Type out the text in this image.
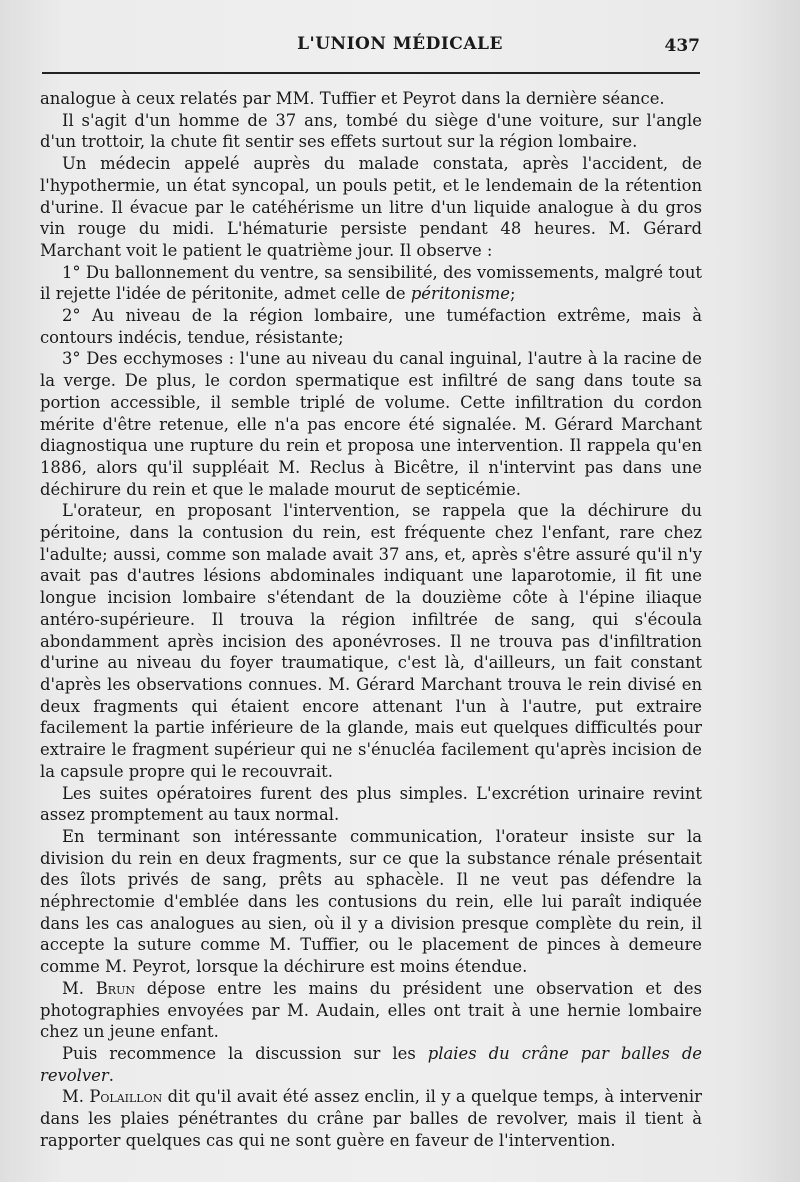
L'UNION MÉDICALE	437

analogue à ceux relatés par MM. Tuffier et Peyrot dans la dernière séance.

Il s'agit d'un homme de 37 ans, tombé du siège d'une voiture, sur l'angle d'un trottoir, la chute fit sentir ses effets surtout sur la région lombaire.

Un médecin appelé auprès du malade constata, après l'accident, de l'hypothermie, un état syncopal, un pouls petit, et le lendemain de la rétention d'urine. Il évacue par le catéhérisme un litre d'un liquide analogue à du gros vin rouge du midi. L'hématurie persiste pendant 48 heures. M. Gérard Marchant voit le patient le quatrième jour. Il observe :

1° Du ballonnement du ventre, sa sensibilité, des vomissements, malgré tout il rejette l'idée de péritonite, admet celle de péritonisme;

2° Au niveau de la région lombaire, une tuméfaction extrême, mais à contours indécis, tendue, résistante;

3° Des ecchymoses : l'une au niveau du canal inguinal, l'autre à la racine de la verge. De plus, le cordon spermatique est infiltré de sang dans toute sa portion accessible, il semble triplé de volume. Cette infiltration du cordon mérite d'être retenue, elle n'a pas encore été signalée. M. Gérard Marchant diagnostiqua une rupture du rein et proposa une intervention. Il rappela qu'en 1886, alors qu'il suppléait M. Reclus à Bicêtre, il n'intervint pas dans une déchirure du rein et que le malade mourut de septicémie.

L'orateur, en proposant l'intervention, se rappela que la déchirure du péritoine, dans la contusion du rein, est fréquente chez l'enfant, rare chez l'adulte; aussi, comme son malade avait 37 ans, et, après s'être assuré qu'il n'y avait pas d'autres lésions abdominales indiquant une laparotomie, il fit une longue incision lombaire s'étendant de la douzième côte à l'épine iliaque antéro-supérieure. Il trouva la région infiltrée de sang, qui s'écoula abondamment après incision des aponévroses. Il ne trouva pas d'infiltration d'urine au niveau du foyer traumatique, c'est là, d'ailleurs, un fait constant d'après les observations connues. M. Gérard Marchant trouva le rein divisé en deux fragments qui étaient encore attenant l'un à l'autre, put extraire facilement la partie inférieure de la glande, mais eut quelques difficultés pour extraire le fragment supérieur qui ne s'énucléa facilement qu'après incision de la capsule propre qui le recouvrait.

Les suites opératoires furent des plus simples. L'excrétion urinaire revint assez promptement au taux normal.

En terminant son intéressante communication, l'orateur insiste sur la division du rein en deux fragments, sur ce que la substance rénale présentait des îlots privés de sang, prêts au sphacèle. Il ne veut pas défendre la néphrectomie d'emblée dans les contusions du rein, elle lui paraît indiquée dans les cas analogues au sien, où il y a division presque complète du rein, il accepte la suture comme M. Tuffier, ou le placement de pinces à demeure comme M. Peyrot, lorsque la déchirure est moins étendue.

M. Brun dépose entre les mains du président une observation et des photographies envoyées par M. Audain, elles ont trait à une hernie lombaire chez un jeune enfant.

Puis recommence la discussion sur les plaies du crâne par balles de revolver.

M. Polaillon dit qu'il avait été assez enclin, il y a quelque temps, à intervenir dans les plaies pénétrantes du crâne par balles de revolver, mais il tient à rapporter quelques cas qui ne sont guère en faveur de l'intervention.
